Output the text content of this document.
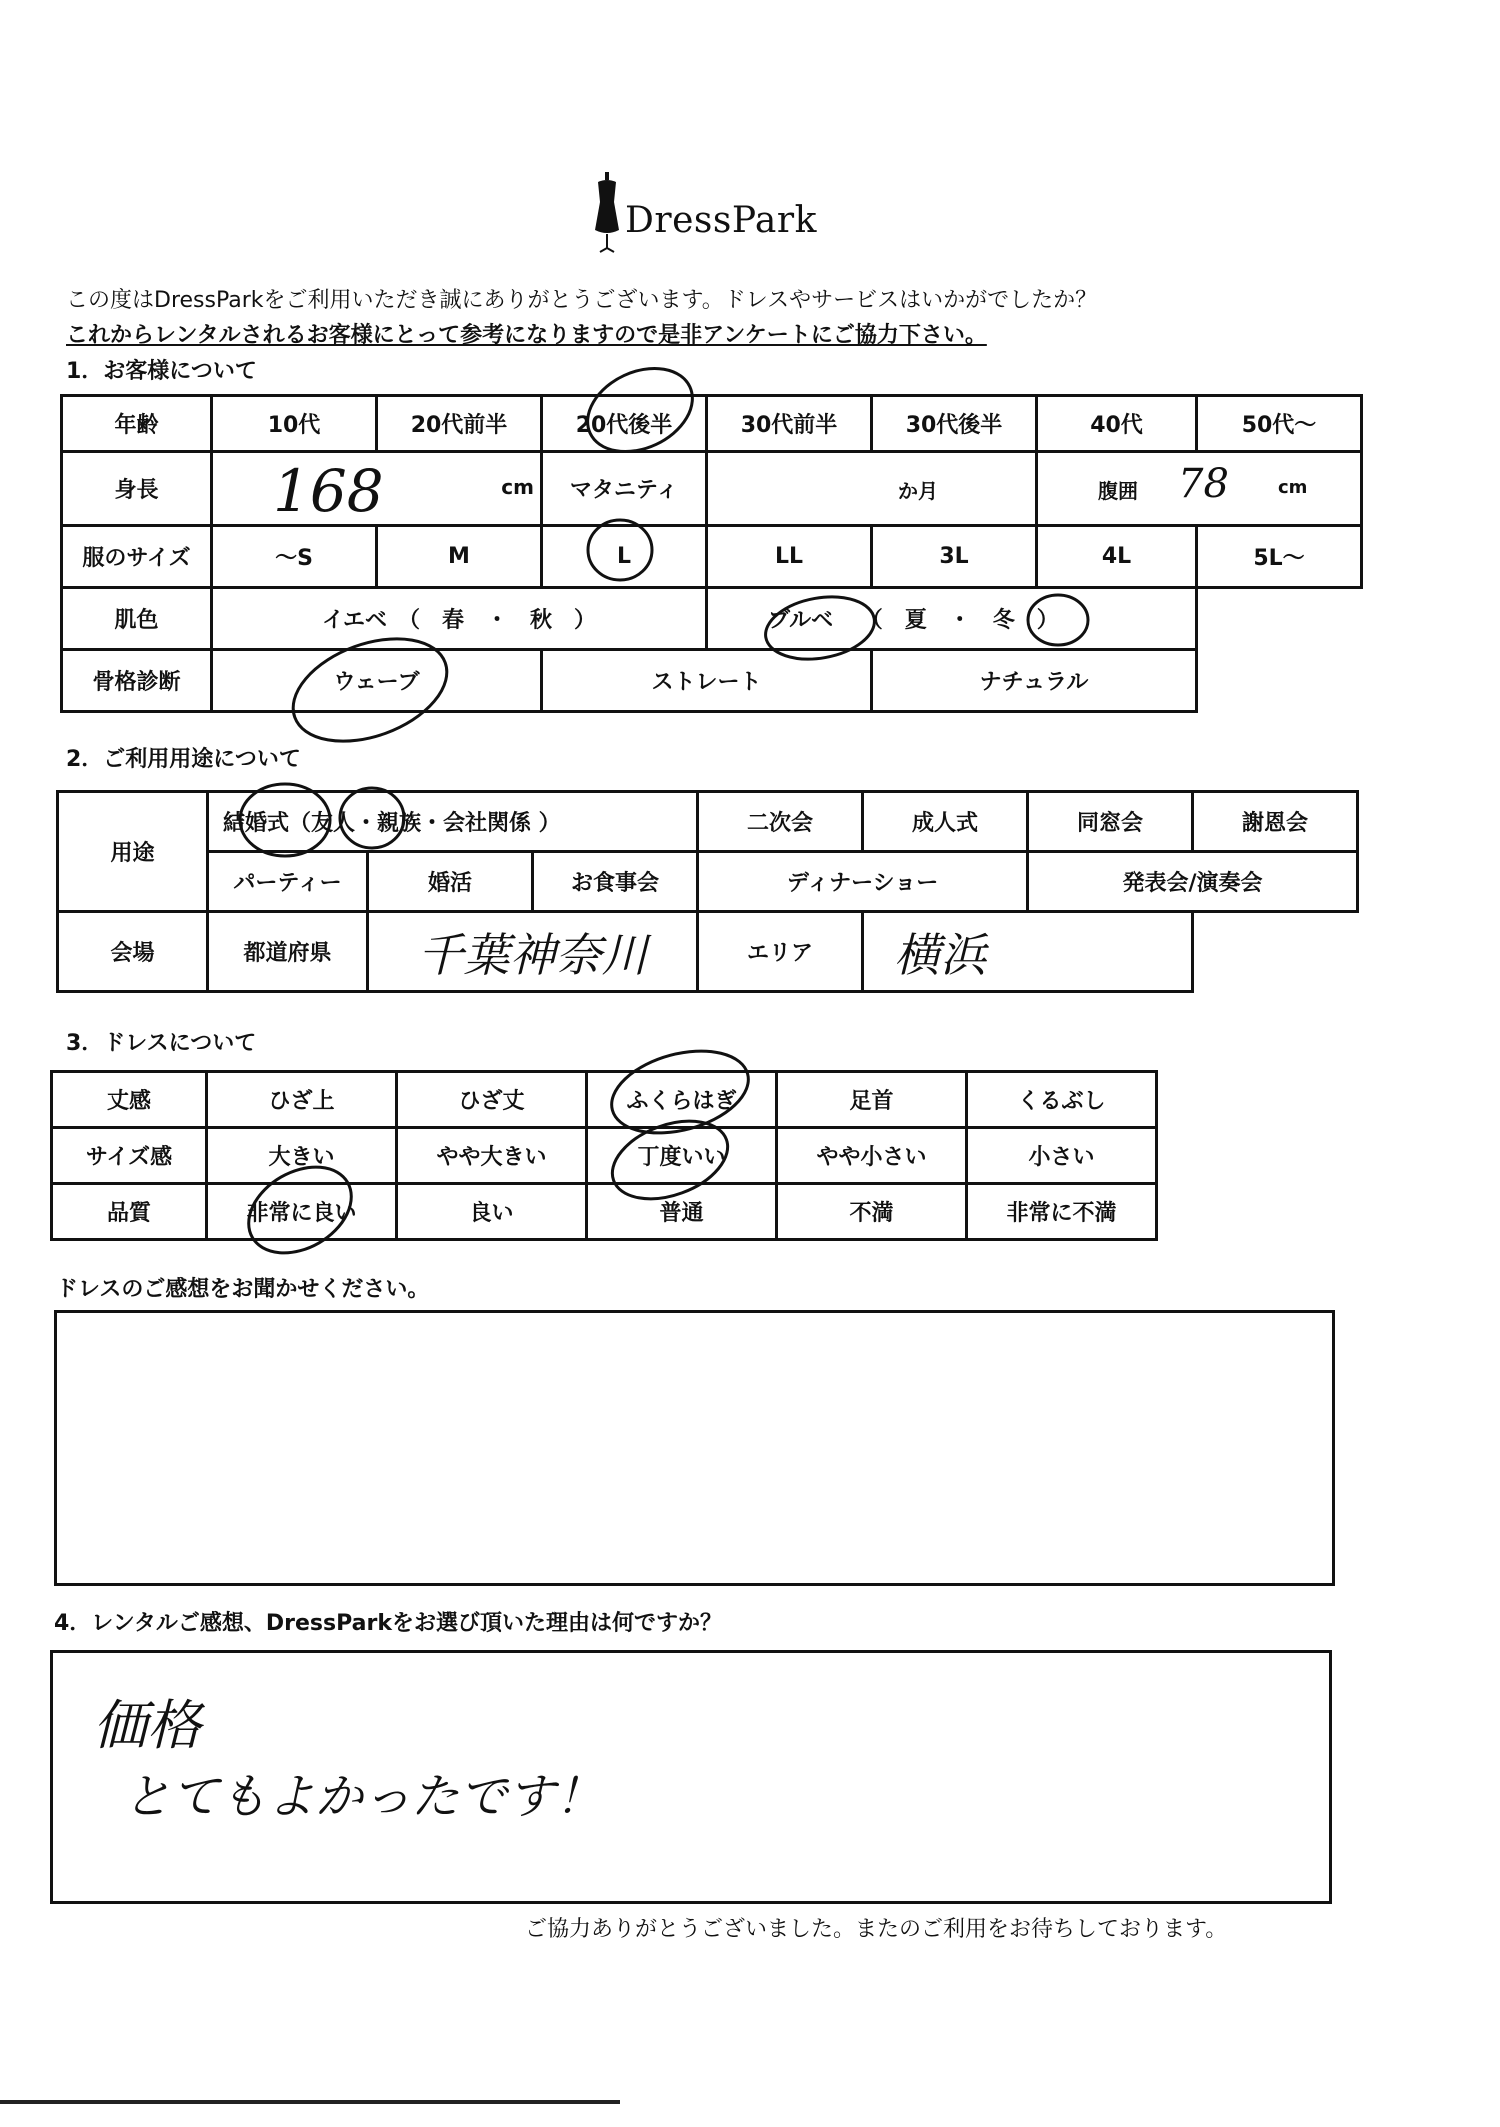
DressPark
この度はDressParkをご利用いただき誠にありがとうございます。ドレスやサービスはいかがでしたか？
これからレンタルされるお客様にとって参考になりますので是非アンケートにご協力下さい。
1．お客様について
年齢	10代	20代前半	20代後半	30代前半	30代後半	40代	50代～
身長	168 cm		マタニティ	か月		腹囲 78 cm	

服のサイズ	～S	M	L	LL	3L	4L	5L～
肌色	イエベ　（　春　・　秋　）		ブルベ （　夏　・　冬　）	
骨格診断	ウェーブ	ストレート		ナチュラル
2．ご利用用途について
用途	結婚式（友人・親族・会社関係 ）			二次会	成人式	同窓会	謝恩会
	パーティー	婚活	お食事会	ディナーショー		発表会/演奏会	
会場	都道府県	千葉神奈川	エリア	横浜
3．ドレスについて
丈感	ひざ上	ひざ丈	ふくらはぎ	足首	くるぶし
サイズ感	大きい	やや大きい	丁度いい	やや小さい	小さい
品質	非常に良い	良い	普通	不満	非常に不満
ドレスのご感想をお聞かせください。
4．レンタルご感想、DressParkをお選び頂いた理由は何ですか？
価格
とてもよかったです！
ご協力ありがとうございました。またのご利用をお待ちしております。
